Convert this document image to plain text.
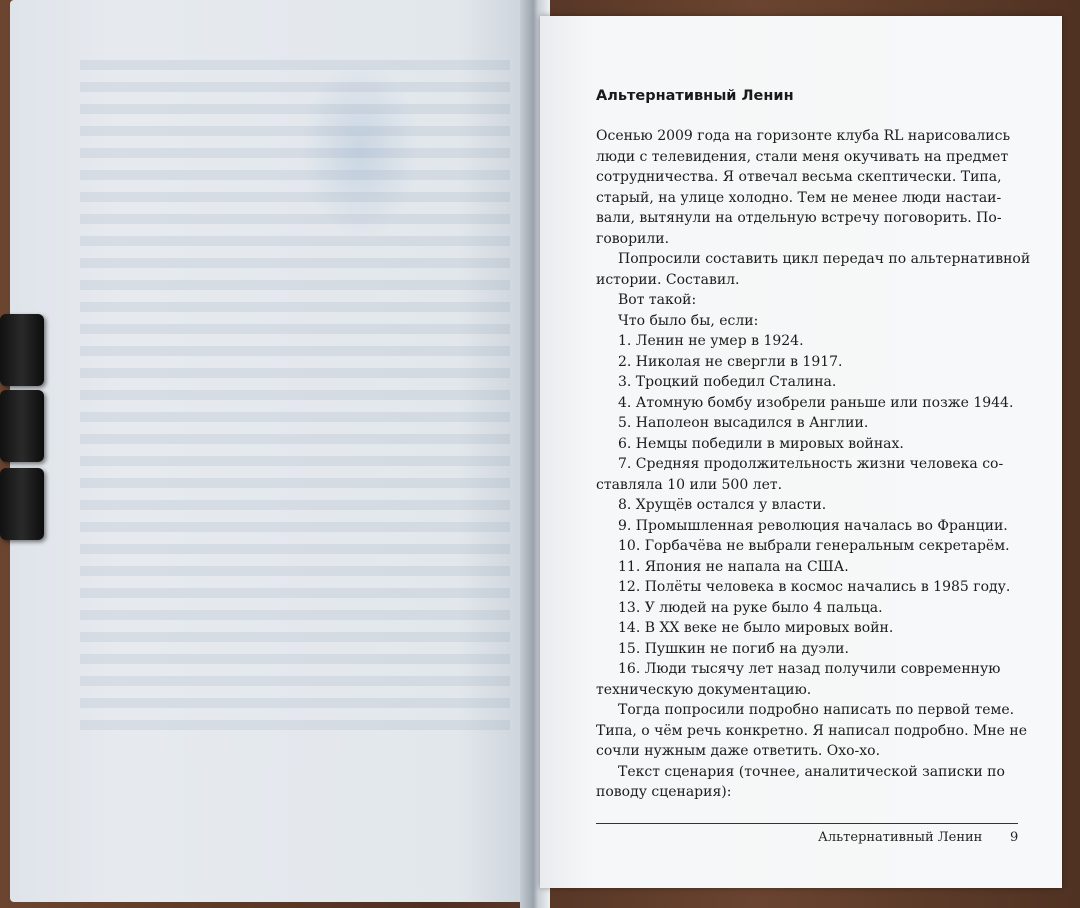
Альтернативный Ленин
Осенью 2009 года на горизонте клуба RL нарисовались
люди с телевидения, стали меня окучивать на предмет
сотрудничества. Я отвечал весьма скептически. Типа,
старый, на улице холодно. Тем не менее люди настаи-
вали, вытянули на отдельную встречу поговорить. По-
говорили.
Попросили составить цикл передач по альтернативной
истории. Составил.
Вот такой:
Что было бы, если:
1. Ленин не умер в 1924.
2. Николая не свергли в 1917.
3. Троцкий победил Сталина.
4. Атомную бомбу изобрели раньше или позже 1944.
5. Наполеон высадился в Англии.
6. Немцы победили в мировых войнах.
7. Средняя продолжительность жизни человека со-
ставляла 10 или 500 лет.
8. Хрущёв остался у власти.
9. Промышленная революция началась во Франции.
10. Горбачёва не выбрали генеральным секретарём.
11. Япония не напала на США.
12. Полёты человека в космос начались в 1985 году.
13. У людей на руке было 4 пальца.
14. В XX веке не было мировых войн.
15. Пушкин не погиб на дуэли.
16. Люди тысячу лет назад получили современную
техническую документацию.
Тогда попросили подробно написать по первой теме.
Типа, о чём речь конкретно. Я написал подробно. Мне не
сочли нужным даже ответить. Охо-хо.
Текст сценария (точнее, аналитической записки по
поводу сценария):
Альтернативный Ленин 9
